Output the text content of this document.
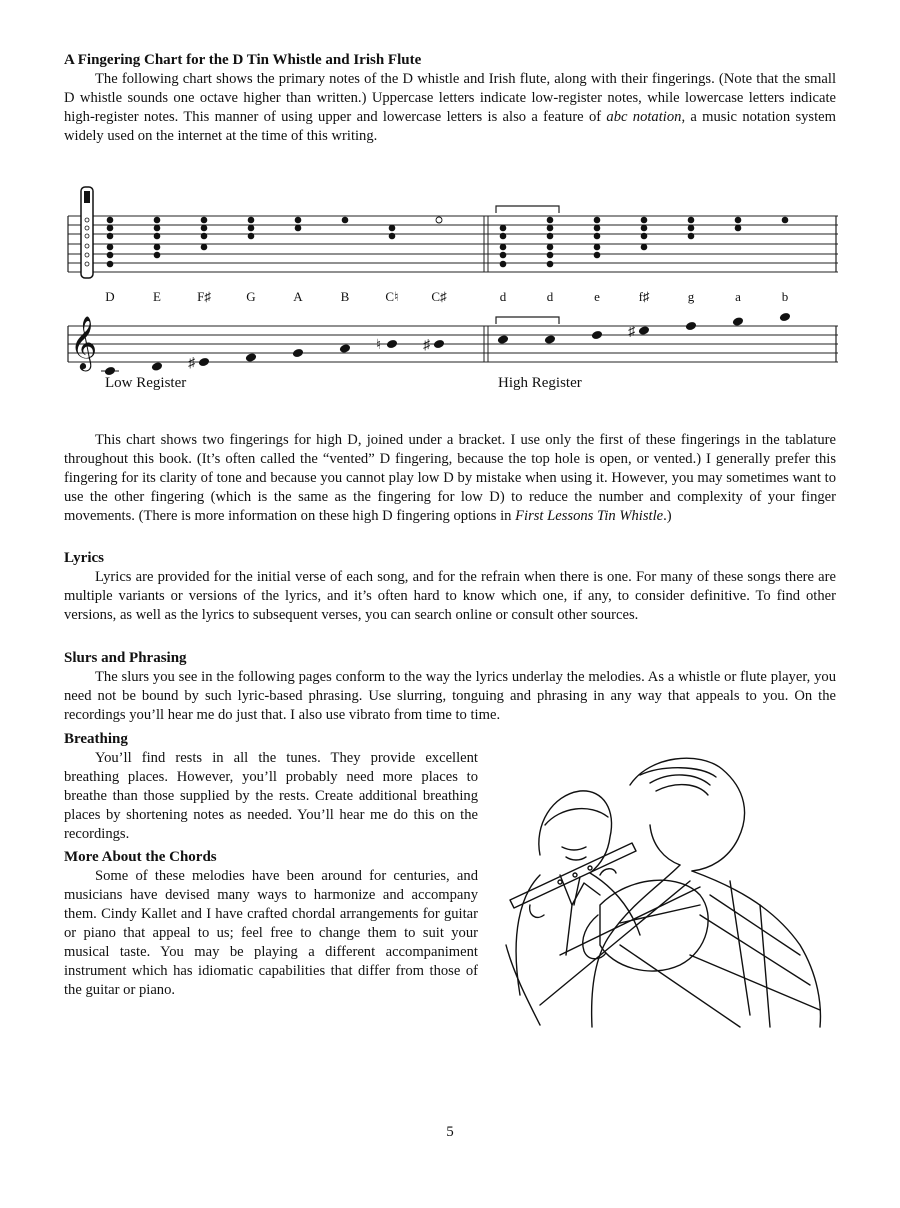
A Fingering Chart for the D Tin Whistle and Irish Flute
The following chart shows the primary notes of the D whistle and Irish flute, along with their fingerings. (Note that the small D whistle sounds one octave higher than written.) Uppercase letters indicate low-register notes, while lowercase letters indicate high-register notes. This manner of using upper and lowercase letters is also a feature of abc notation, a music notation system widely used on the internet at the time of this writing.
D	E	F♯	G	A	B	C♮	C♯	d	d	e	f♯	g	a	b
𝄞	♯
♮	♯
♯
Low Register	High Register
This chart shows two fingerings for high D, joined under a bracket. I use only the first of these fingerings in the tablature throughout this book. (It’s often called the “vented” D fingering, because the top hole is open, or vented.) I generally prefer this fingering for its clarity of tone and because you cannot play low D by mistake when using it. However, you may sometimes want to use the other fingering (which is the same as the fingering for low D) to reduce the number and complexity of your finger movements. (There is more information on these high D fingering options in First Lessons Tin Whistle.)
Lyrics
Lyrics are provided for the initial verse of each song, and for the refrain when there is one. For many of these songs there are multiple variants or versions of the lyrics, and it’s often hard to know which one, if any, to consider definitive. To find other versions, as well as the lyrics to subsequent verses, you can search online or consult other sources.
Slurs and Phrasing
The slurs you see in the following pages conform to the way the lyrics underlay the melodies. As a whistle or flute player, you need not be bound by such lyric-based phrasing. Use slurring, tonguing and phrasing in any way that appeals to you. On the recordings you’ll hear me do just that. I also use vibrato from time to time.
Breathing
You’ll find rests in all the tunes. They provide excellent breathing places. However, you’ll probably need more places to breathe than those supplied by the rests. Create additional breathing places by shortening notes as needed. You’ll hear me do this on the recordings.
More About the Chords
Some of these melodies have been around for centuries, and musicians have devised many ways to harmonize and accompany them. Cindy Kallet and I have crafted chordal arrangements for guitar or piano that appeal to us; feel free to change them to suit your musical taste. You may be playing a different accompaniment instrument which has idiomatic capabilities that differ from those of the guitar or piano.
5
